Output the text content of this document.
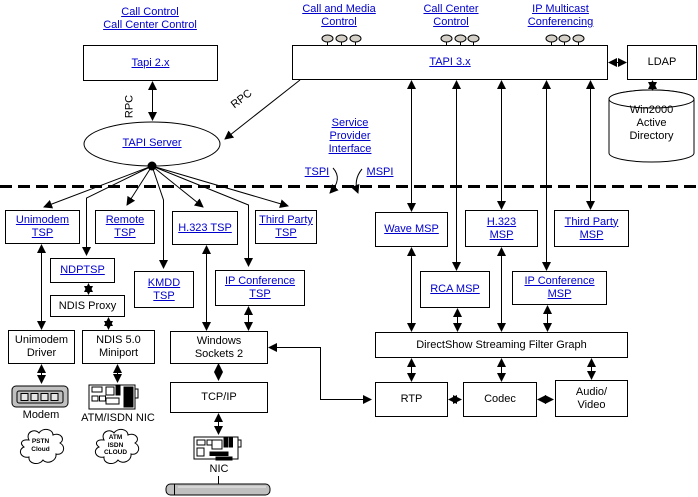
Call Control
Call Center Control
Call and Media
Control
Call Center
Control
IP Multicast
Conferencing
Tapi 2.x	TAPI 3.x	LDAP
Win2000
Active
Directory
RPC	RPC
TAPI Server
Service
Provider
Interface
TSPI	MSPI
Unimodem
TSP
Remote
TSP	H.323 TSP
Third Party
TSP
NDPTSP
NDIS Proxy
KMDD
TSP
IP Conference
TSP
Wave MSP
H.323
MSP
Third Party
MSP
RCA MSP
IP Conference
MSP
Unimodem
Driver
NDIS 5.0
Miniport
Windows
Sockets 2
TCP/IP
DirectShow Streaming Filter Graph
RTP	Codec
Audio/
Video
Modem	ATM/ISDN NIC
NIC
PSTN
Cloud
ATM
ISDN
CLOUD
